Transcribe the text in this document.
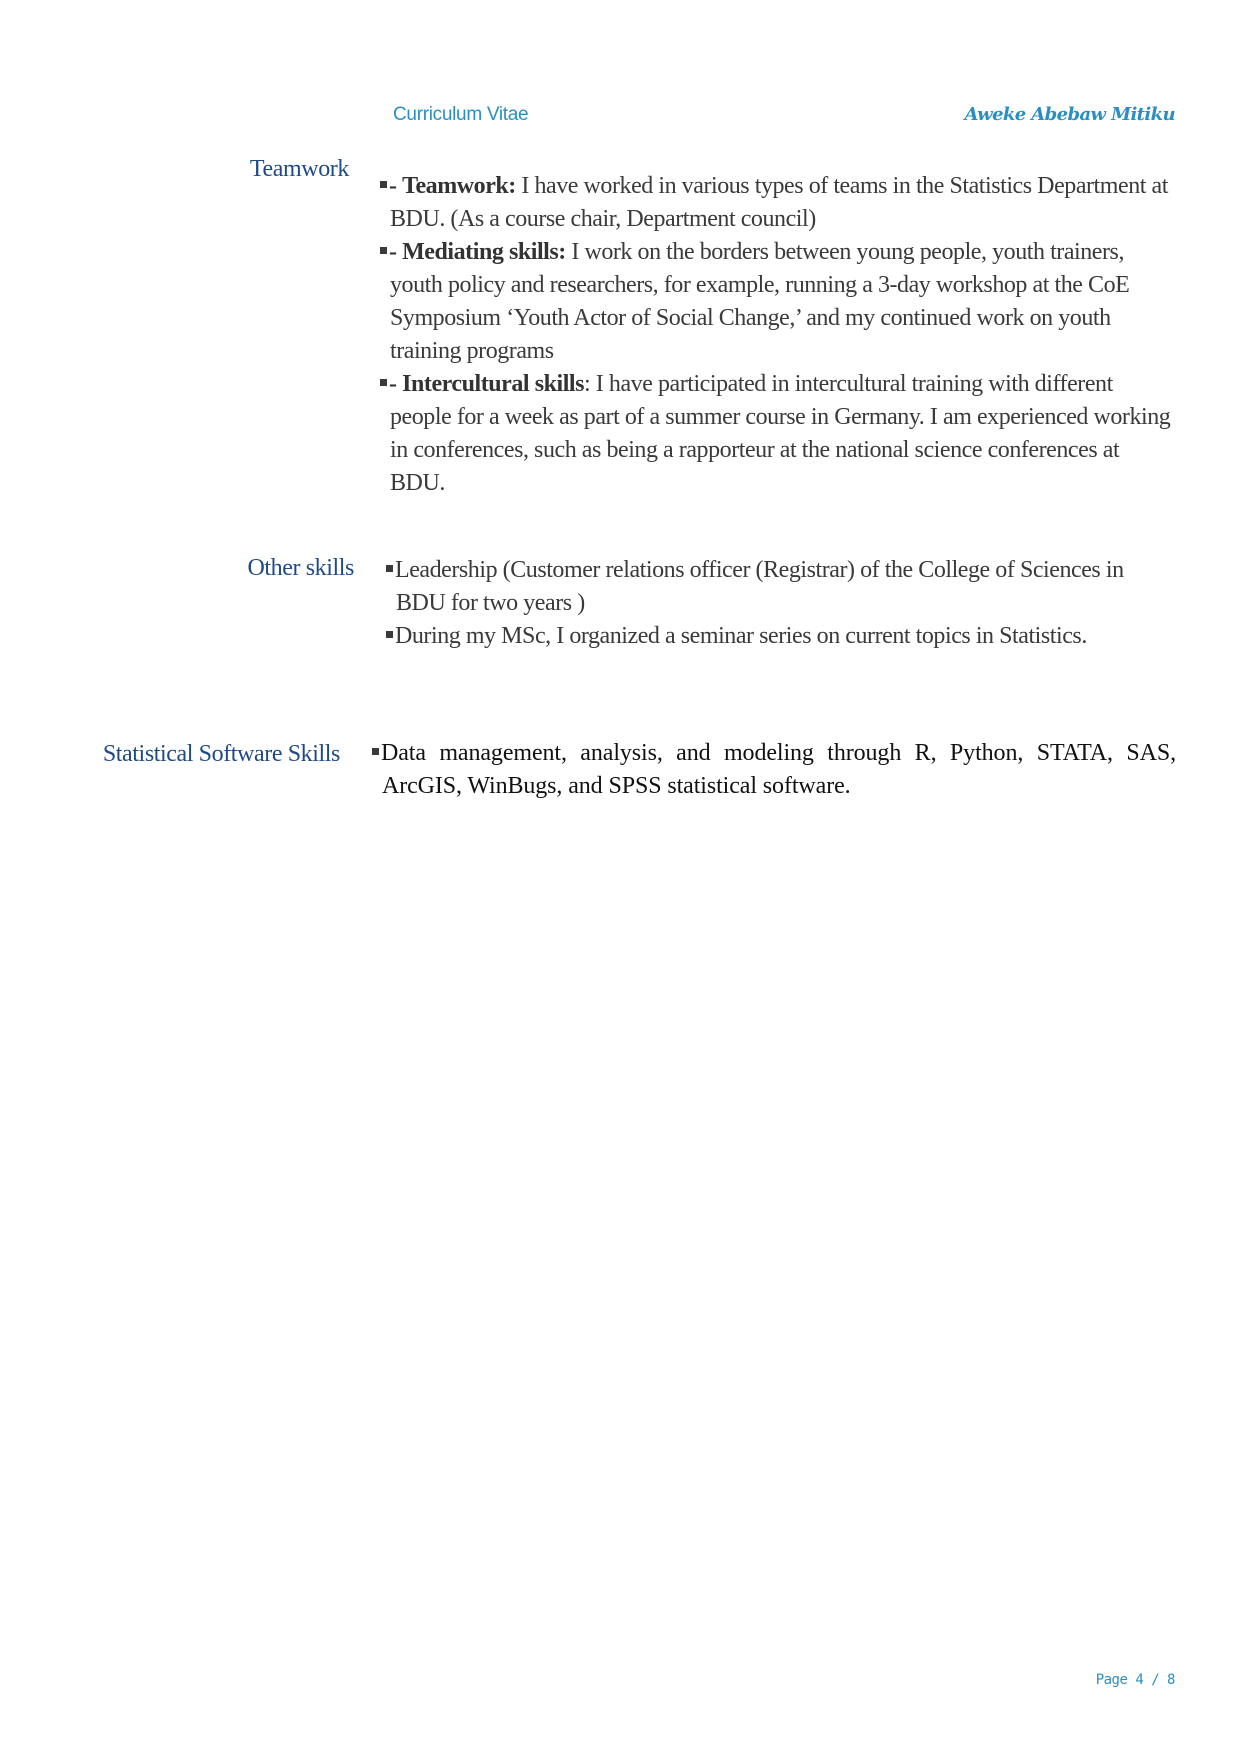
Curriculum Vitae	Aweke Abebaw Mitiku
Teamwork

- Teamwork: I have worked in various types of teams in the Statistics Department at BDU. (As a course chair, Department council)

- Mediating skills: I work on the borders between young people, youth trainers, youth policy and researchers, for example, running a 3-day workshop at the CoE Symposium ‘Youth Actor of Social Change,’ and my continued work on youth training programs

- Intercultural skills: I have participated in intercultural training with different people for a week as part of a summer course in Germany. I am experienced working in conferences, such as being a rapporteur at the national science conferences at BDU.

Other skills	Leadership (Customer relations officer (Registrar) of the College of Sciences in BDU for two years )

During my MSc, I organized a seminar series on current topics in Statistics.

Statistical Software Skills	Data management, analysis, and modeling through R, Python, STATA, SAS, ArcGIS, WinBugs, and SPSS statistical software.

Page 4 / 8
